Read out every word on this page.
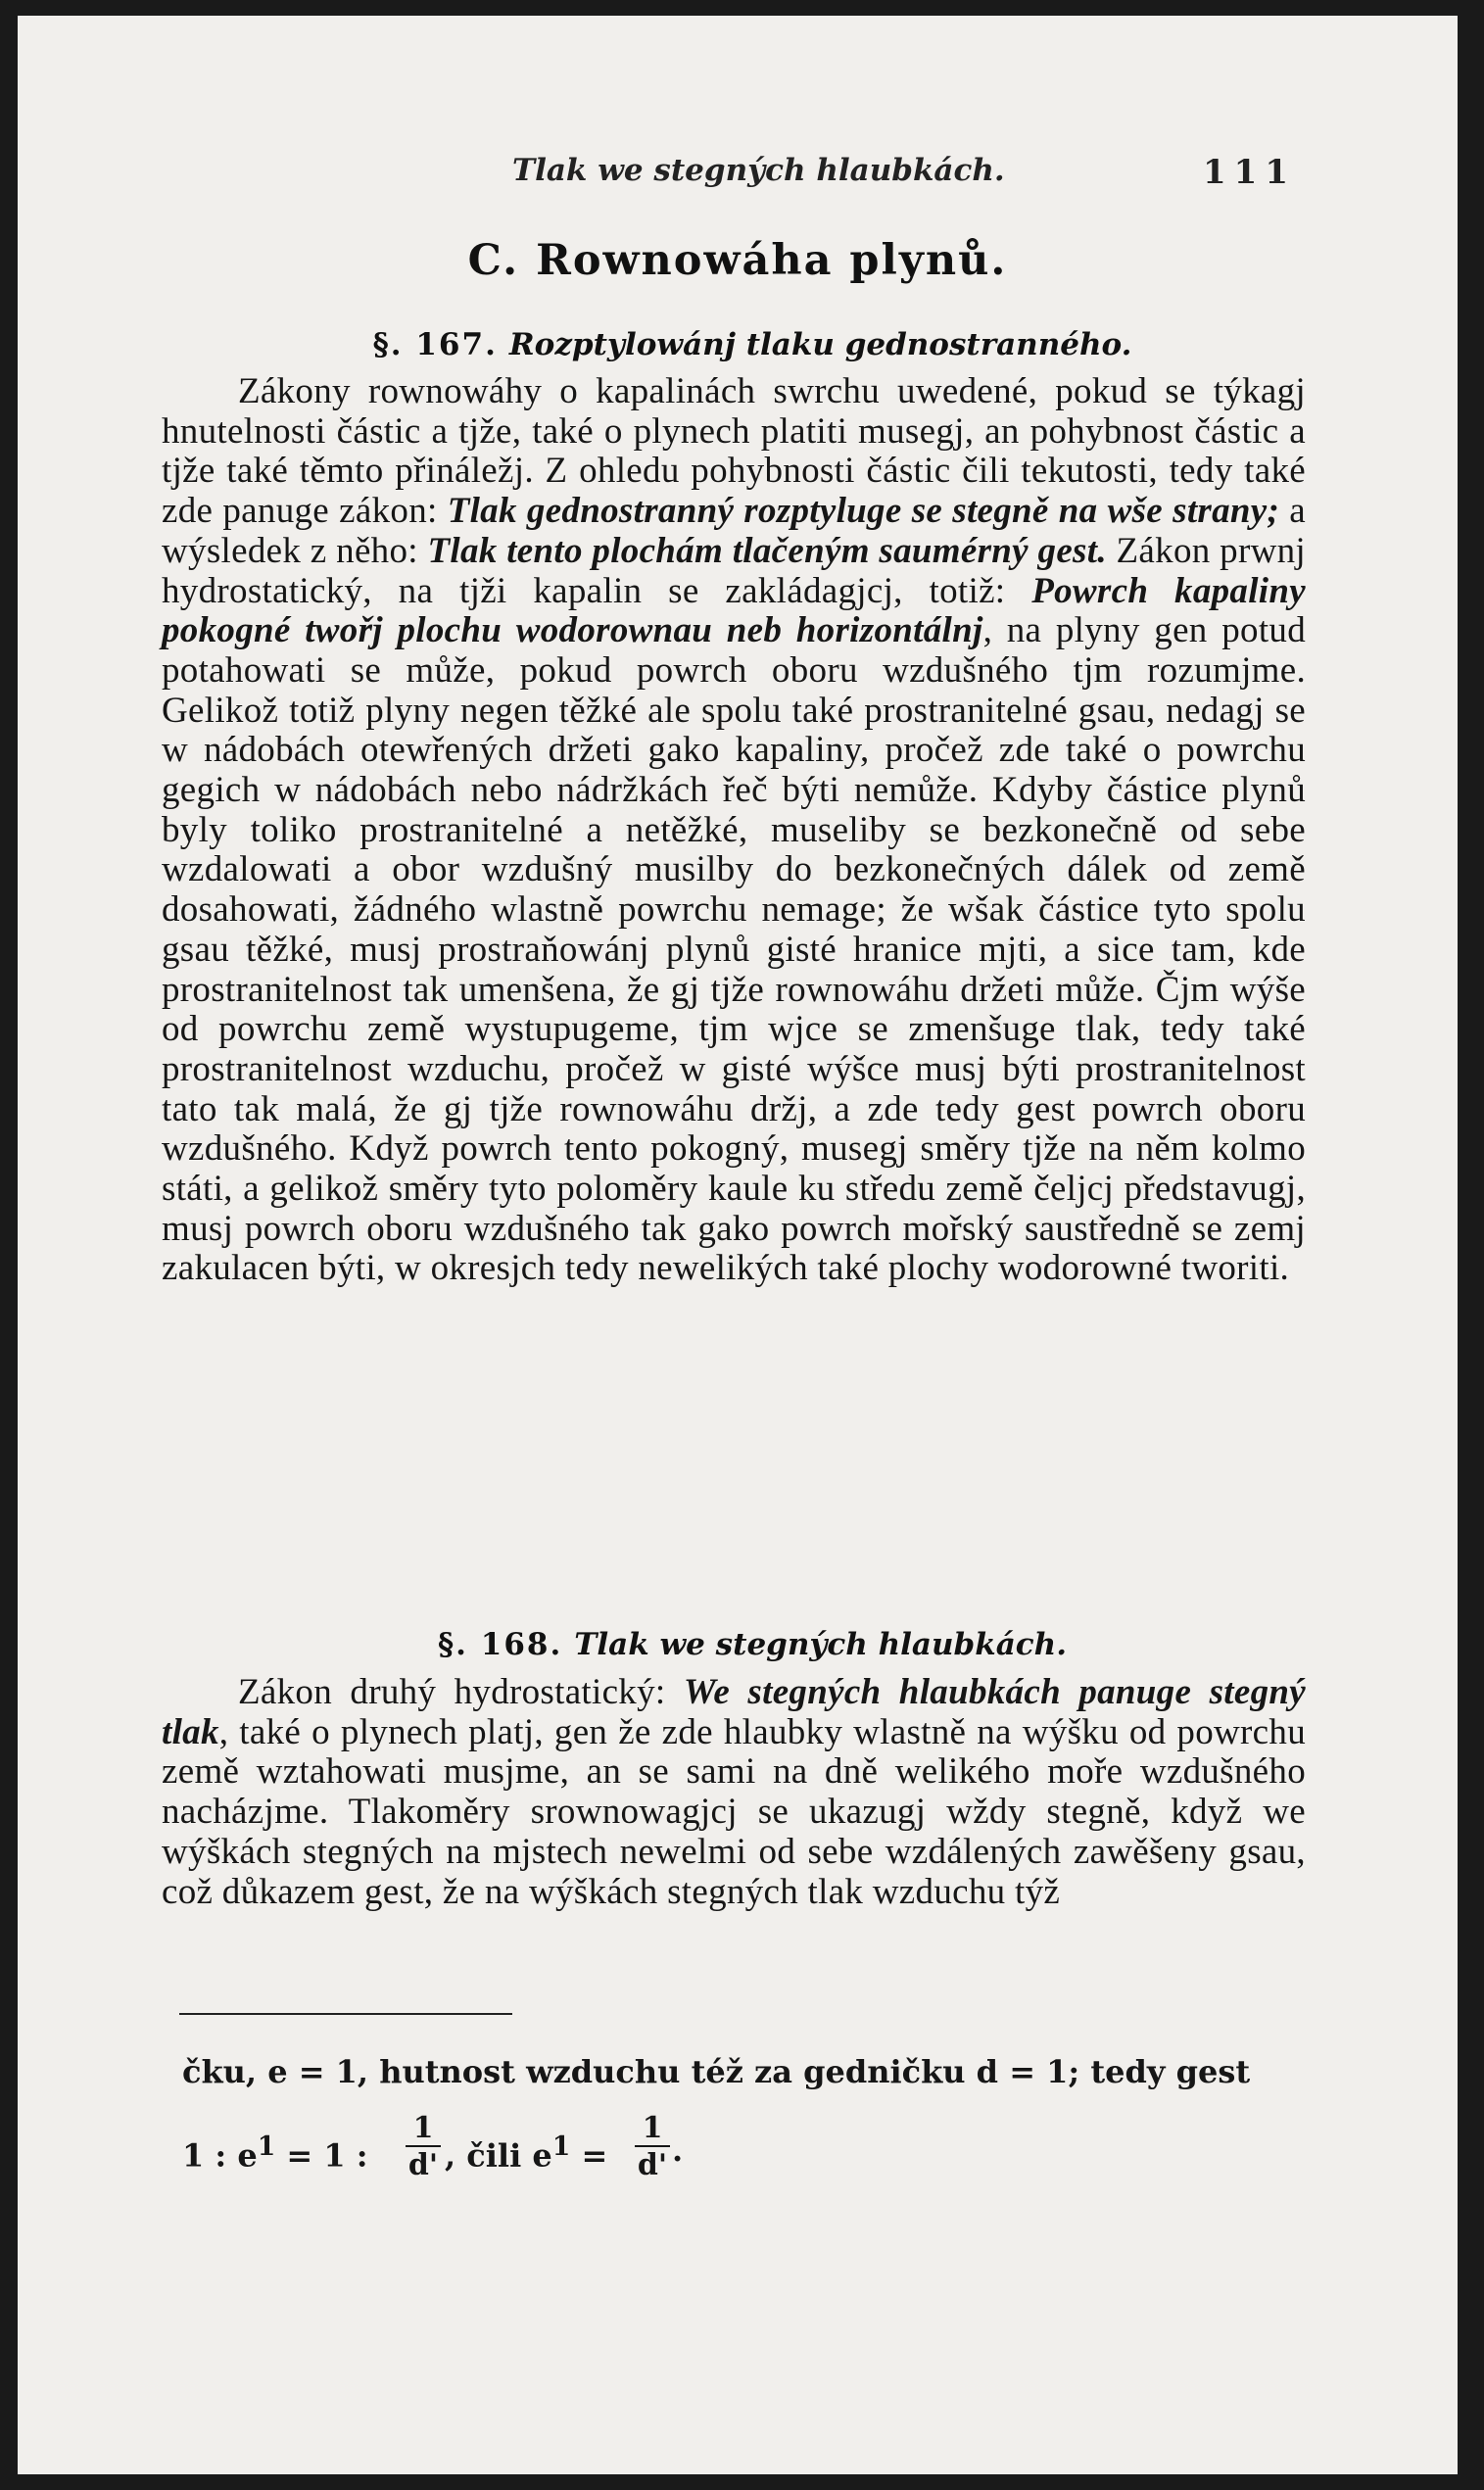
Tlak we stegných hlaubkách.	111
C. Rownowáha plynů.
§. 167. Rozptylowánj tlaku gednostranného.
Zákony rownowáhy o kapalinách swrchu uwedené, pokud se týkagj hnutelnosti částic a tjže, také o plynech platiti musegj, an pohybnost částic a tjže také těmto přináležj. Z ohledu pohybnosti částic čili tekutosti, tedy také zde panuge zákon: Tlak gednostranný rozptyluge se stegně na wše strany; a wýsledek z něho: Tlak tento plochám tlačeným saumérný gest. Zákon prwnj hydrostatický, na tjži kapalin se zakládagjcj, totiž: Powrch kapaliny pokogné twořj plochu wodorownau neb horizontálnj, na plyny gen potud potahowati se může, pokud powrch oboru wzdušného tjm rozumjme. Gelikož totiž plyny negen těžké ale spolu také prostranitelné gsau, nedagj se w nádobách otewřených držeti gako kapaliny, pročež zde také o powrchu gegich w nádobách nebo nádržkách řeč býti nemůže. Kdyby částice plynů byly toliko prostranitelné a netěžké, museliby se bezkonečně od sebe wzdalowati a obor wzdušný musilby do bezkonečných dálek od země dosahowati, žádného wlastně powrchu nemage; že wšak částice tyto spolu gsau těžké, musj prostraňowánj plynů gisté hranice mjti, a sice tam, kde prostranitelnost tak umenšena, že gj tjže rownowáhu držeti může. Čjm wýše od powrchu země wystupugeme, tjm wjce se zmenšuge tlak, tedy také prostranitelnost wzduchu, pročež w gisté wýšce musj býti prostranitelnost tato tak malá, že gj tjže rownowáhu držj, a zde tedy gest powrch oboru wzdušného. Když powrch tento pokogný, musegj směry tjže na něm kolmo státi, a gelikož směry tyto poloměry kaule ku středu země čeljcj představugj, musj powrch oboru wzdušného tak gako powrch mořský saustředně se zemj zakulacen býti, w okresjch tedy newelikých také plochy wodorowné tworiti.
§. 168. Tlak we stegných hlaubkách.
Zákon druhý hydrostatický: We stegných hlaubkách panuge stegný tlak, také o plynech platj, gen že zde hlaubky wlastně na wýšku od powrchu země wztahowati musjme, an se sami na dně welikého moře wzdušného nacházjme. Tlakoměry srownowagjcj se ukazugj wždy stegně, když we wýškách stegných na mjstech newelmi od sebe wzdálených zawěšeny gsau, což důkazem gest, že na wýškách stegných tlak wzduchu týž
čku, e = 1, hutnost wzduchu též za gedničku d = 1; tedy gest
1 : $e^1 = 1$ :
1
d' , čili $e^1$ =
1
d' .
